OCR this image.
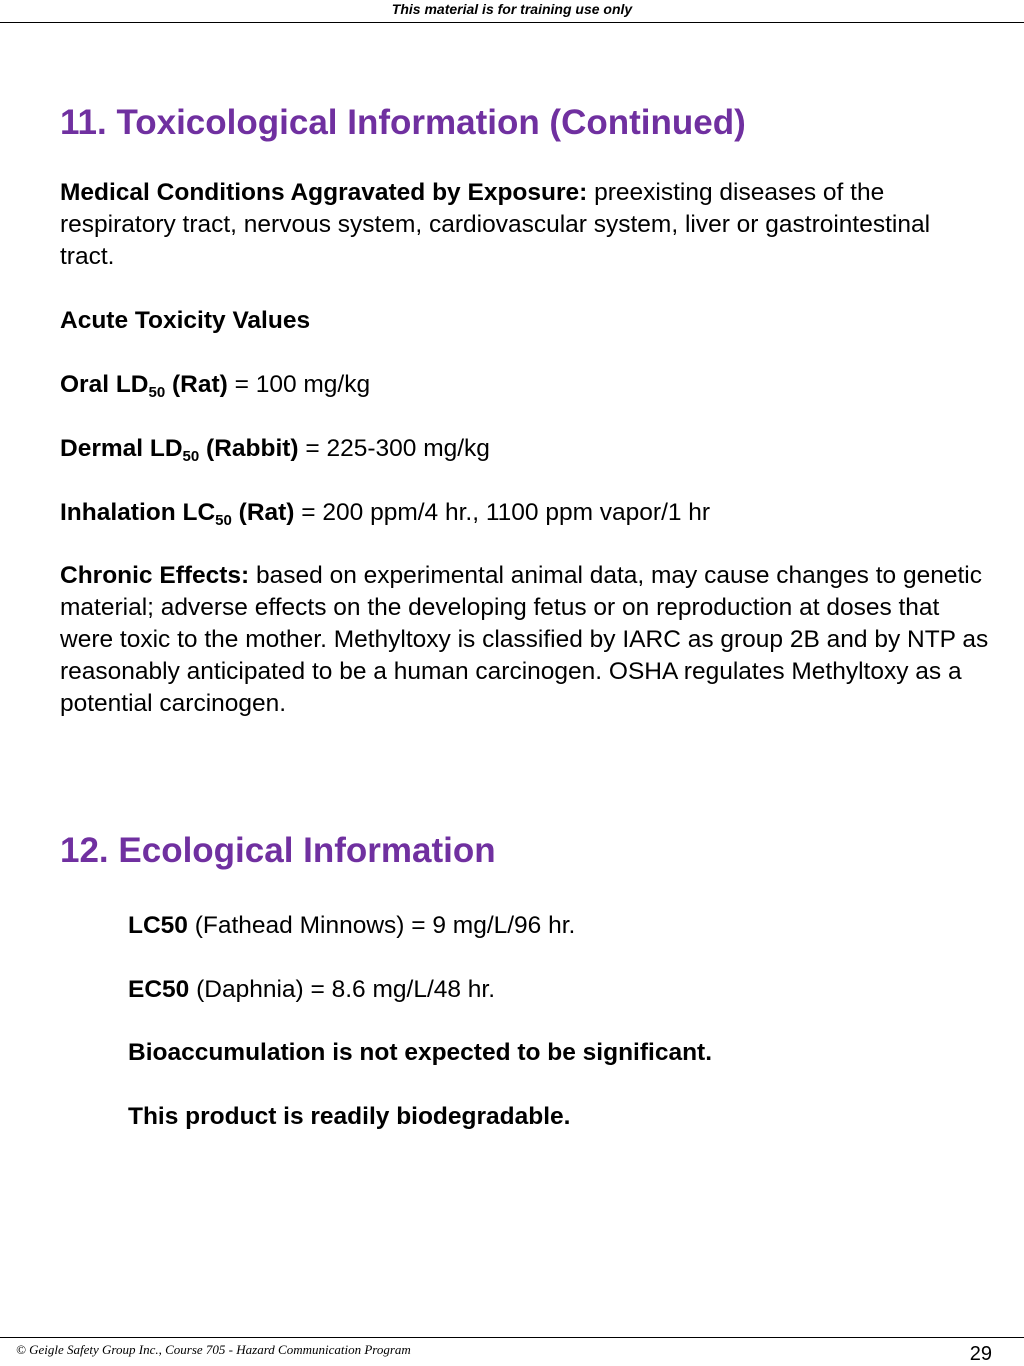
This material is for training use only
11. Toxicological Information (Continued)

Medical Conditions Aggravated by Exposure: preexisting diseases of the respiratory tract, nervous system, cardiovascular system, liver or gastrointestinal tract.

Acute Toxicity Values

Oral $LD_{50}$ (Rat) = 100 mg/kg

Dermal $LD_{50}$ (Rabbit) = 225-300 mg/kg

Inhalation $LC_{50}$ (Rat) = 200 ppm/4 hr., 1100 ppm vapor/1 hr

Chronic Effects: based on experimental animal data, may cause changes to genetic material; adverse effects on the developing fetus or on reproduction at doses that were toxic to the mother. Methyltoxy is classified by IARC as group 2B and by NTP as reasonably anticipated to be a human carcinogen. OSHA regulates Methyltoxy as a potential carcinogen.

12. Ecological Information

LC50 (Fathead Minnows) = 9 mg/L/96 hr.

EC50 (Daphnia) = 8.6 mg/L/48 hr.

Bioaccumulation is not expected to be significant.

This product is readily biodegradable.

© Geigle Safety Group Inc., Course 705 - Hazard Communication Program	29
